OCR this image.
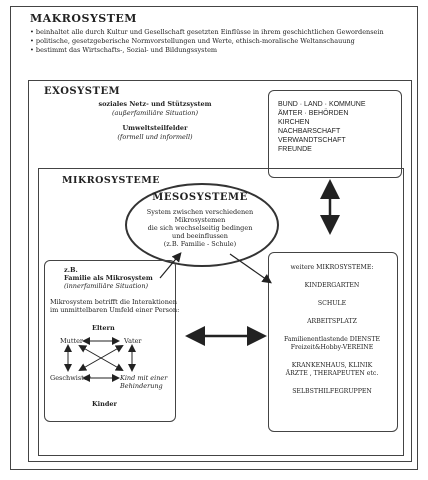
MAKROSYSTEM
• beinhaltet alle durch Kultur und Gesellschaft gesetzten Einflüsse in ihrem geschichtlichen Gewordensein
• politische, gesetzgeberische Normvorstellungen und Werte, ethisch-moralische Weltanschauung
• bestimmt das Wirtschafts-, Sozial- und Bildungssystem
EXOSYSTEM
soziales Netz- und Stützsystem
(außerfamiliäre Situation)
Umweltsteilfelder
(formell und informell)
BUND · LAND · KOMMUNE
ÄMTER · BEHÖRDEN
KIRCHEN
NACHBARSCHAFT
VERWANDTSCHAFT
FREUNDE
MIKROSYSTEME
MESOSYSTEME
System zwischen verschiedenen Mikrosystemen
die sich wechselseitig bedingen
und beeinflussen
(z.B. Familie - Schule)
z.B.
Familie als Mikrosystem
(innerfamiliäre Situation)
Mikrosystem betrifft die Interaktionen
im unmittelbaren Umfeld einer Person:
Eltern
Mutter	Vater
Geschwister	Kind mit einer Behinderung
Kinder
weitere MIKROSYSTEME:
KINDERGARTEN
SCHULE
ARBEITSPLATZ
Familienentlastende DIENSTE
Freizeit&Hobby-VEREINE
KRANKENHAUS, KLINIK
ÄRZTE , THERAPEUTEN etc.
SELBSTHILFEGRUPPEN
